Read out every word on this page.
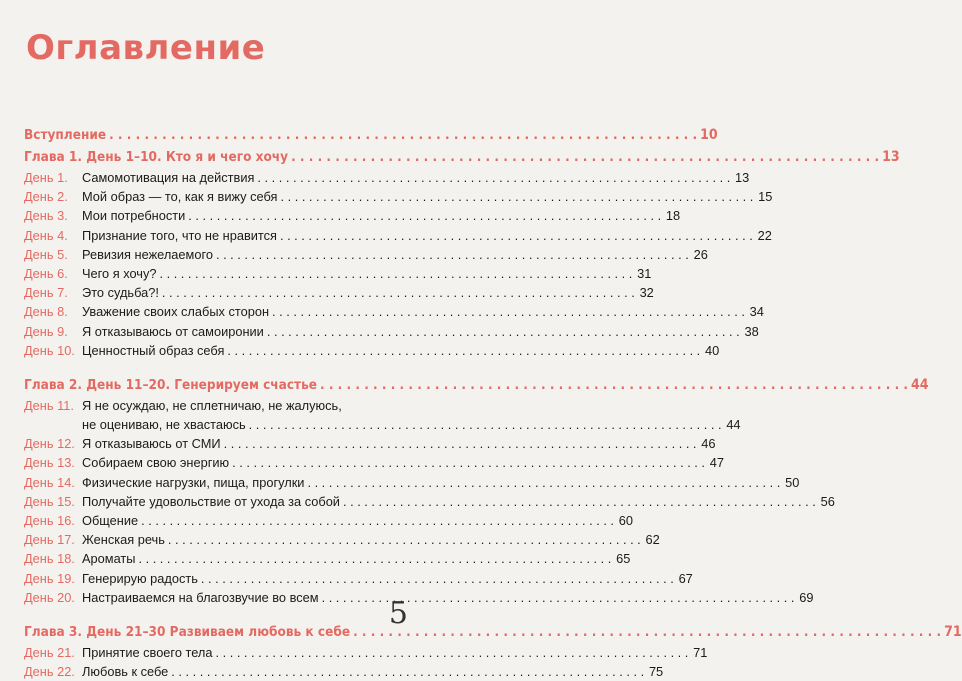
Оглавление
Вступление . . .	10
Глава 1. День 1–10. Кто я и чего хочу . . .	13
День 1.	Самомотивация на действия . . .	13
День 2.	Мой образ — то, как я вижу себя . . .	15
День 3.	Мои потребности . . .	18
День 4.	Признание того, что не нравится . . .	22
День 5.	Ревизия нежелаемого . . .	26
День 6.	Чего я хочу? . . .	31
День 7.	Это судьба?! . . .	32
День 8.	Уважение своих слабых сторон . . .	34
День 9.	Я отказываюсь от самоиронии . . .	38
День 10. Ценностный образ себя . . .	40
Глава 2. День 11–20. Генерируем счастье . . .	44
День 11. Я не осуждаю, не сплетничаю, не жалуюсь,
не оцениваю, не хвастаюсь . . .	44
День 12. Я отказываюсь от СМИ . . .	46
День 13. Собираем свою энергию . . .	47
День 14. Физические нагрузки, пища, прогулки . . .	50
День 15. Получайте удовольствие от ухода за собой . . .	56
День 16. Общение . . .	60
День 17. Женская речь . . .	62
День 18. Ароматы . . .	65
День 19. Генерирую радость . . .	67
День 20. Настраиваемся на благозвучие во всем . . .	69
Глава 3. День 21–30 Развиваем любовь к себе . . .	71
День 21. Принятие своего тела . . .	71
День 22. Любовь к себе . . .	75
5
